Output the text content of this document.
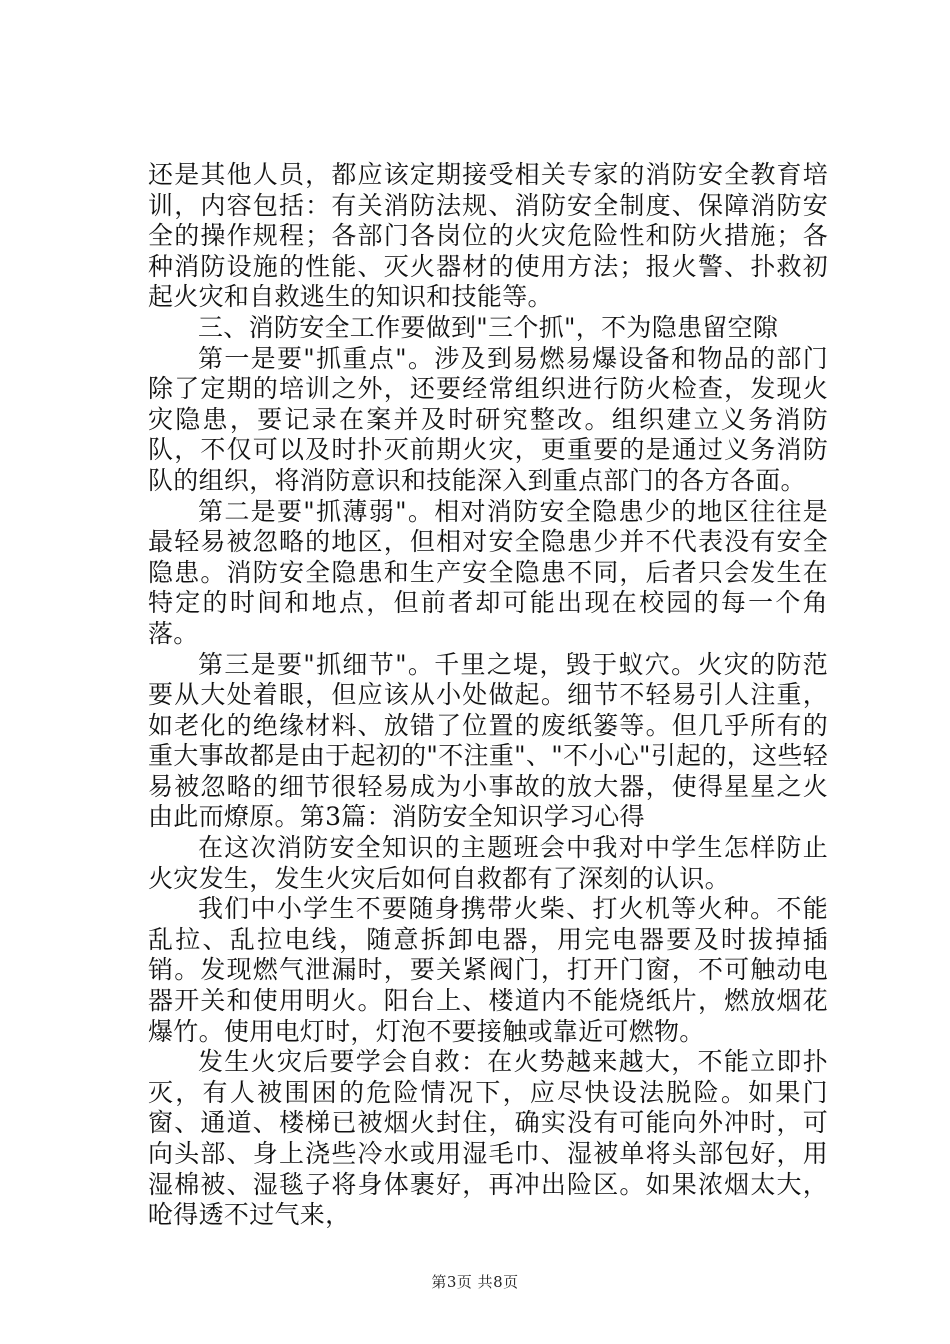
还是其他人员，都应该定期接受相关专家的消防安全教育培训，内容包括：有关消防法规、消防安全制度、保障消防安全的操作规程；各部门各岗位的火灾危险性和防火措施；各种消防设施的性能、灭火器材的使用方法；报火警、扑救初起火灾和自救逃生的知识和技能等。

三、消防安全工作要做到"三个抓"，不为隐患留空隙

第一是要"抓重点"。涉及到易燃易爆设备和物品的部门除了定期的培训之外，还要经常组织进行防火检查，发现火灾隐患，要记录在案并及时研究整改。组织建立义务消防队，不仅可以及时扑灭前期火灾，更重要的是通过义务消防队的组织，将消防意识和技能深入到重点部门的各方各面。

第二是要"抓薄弱"。相对消防安全隐患少的地区往往是最轻易被忽略的地区，但相对安全隐患少并不代表没有安全隐患。消防安全隐患和生产安全隐患不同，后者只会发生在特定的时间和地点，但前者却可能出现在校园的每一个角落。

第三是要"抓细节"。千里之堤，毁于蚁穴。火灾的防范要从大处着眼，但应该从小处做起。细节不轻易引人注重，如老化的绝缘材料、放错了位置的废纸篓等。但几乎所有的重大事故都是由于起初的"不注重"、"不小心"引起的，这些轻易被忽略的细节很轻易成为小事故的放大器，使得星星之火由此而燎原。第3篇：消防安全知识学习心得

在这次消防安全知识的主题班会中我对中学生怎样防止火灾发生，发生火灾后如何自救都有了深刻的认识。

我们中小学生不要随身携带火柴、打火机等火种。不能乱拉、乱拉电线，随意拆卸电器，用完电器要及时拔掉插销。发现燃气泄漏时，要关紧阀门，打开门窗，不可触动电器开关和使用明火。阳台上、楼道内不能烧纸片，燃放烟花爆竹。使用电灯时，灯泡不要接触或靠近可燃物。

发生火灾后要学会自救：在火势越来越大，不能立即扑灭，有人被围困的危险情况下，应尽快设法脱险。如果门窗、通道、楼梯已被烟火封住，确实没有可能向外冲时，可向头部、身上浇些冷水或用湿毛巾、湿被单将头部包好，用湿棉被、湿毯子将身体裹好，再冲出险区。如果浓烟太大，呛得透不过气来，

第3页 共8页
